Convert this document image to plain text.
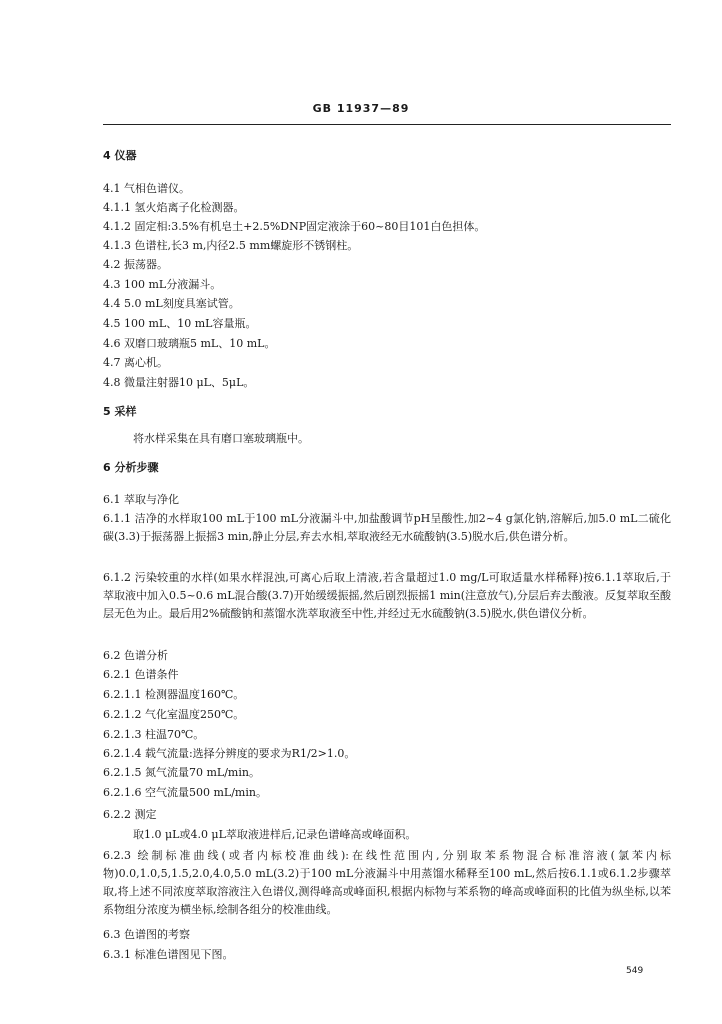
GB 11937—89
4 仪器
4.1 气相色谱仪。
4.1.1 氢火焰离子化检测器。
4.1.2 固定相:3.5%有机皂土+2.5%DNP固定液涂于60~80目101白色担体。
4.1.3 色谱柱,长3 m,内径2.5 mm螺旋形不锈钢柱。
4.2 振荡器。
4.3 100 mL分液漏斗。
4.4 5.0 mL刻度具塞试管。
4.5 100 mL、10 mL容量瓶。
4.6 双磨口玻璃瓶5 mL、10 mL。
4.7 离心机。
4.8 微量注射器10 μL、5μL。
5 采样
将水样采集在具有磨口塞玻璃瓶中。
6 分析步骤
6.1 萃取与净化
6.1.1 洁净的水样取100 mL于100 mL分液漏斗中,加盐酸调节pH呈酸性,加2~4 g氯化钠,溶解后,加5.0 mL二硫化碳(3.3)于振荡器上振摇3 min,静止分层,弃去水相,萃取液经无水硫酸钠(3.5)脱水后,供色谱分析。
6.1.2 污染较重的水样(如果水样混浊,可离心后取上清液,若含量超过1.0 mg/L可取适量水样稀释)按6.1.1萃取后,于萃取液中加入0.5~0.6 mL混合酸(3.7)开始缓缓振摇,然后剧烈振摇1 min(注意放气),分层后弃去酸液。反复萃取至酸层无色为止。最后用2%硫酸钠和蒸馏水洗萃取液至中性,并经过无水硫酸钠(3.5)脱水,供色谱仪分析。
6.2 色谱分析
6.2.1 色谱条件
6.2.1.1 检测器温度160℃。
6.2.1.2 气化室温度250℃。
6.2.1.3 柱温70℃。
6.2.1.4 载气流量:选择分辨度的要求为R1/2>1.0。
6.2.1.5 氮气流量70 mL/min。
6.2.1.6 空气流量500 mL/min。
6.2.2 测定
取1.0 μL或4.0 μL萃取液进样后,记录色谱峰高或峰面积。
6.2.3 绘制标准曲线(或者内标校准曲线):在线性范围内,分别取苯系物混合标准溶液(氯苯内标物)0.0,1.0,5,1.5,2.0,4.0,5.0 mL(3.2)于100 mL分液漏斗中用蒸馏水稀释至100 mL,然后按6.1.1或6.1.2步骤萃取,将上述不同浓度萃取溶液注入色谱仪,测得峰高或峰面积,根据内标物与苯系物的峰高或峰面积的比值为纵坐标,以苯系物组分浓度为横坐标,绘制各组分的校准曲线。
6.3 色谱图的考察
6.3.1 标准色谱图见下图。
549
